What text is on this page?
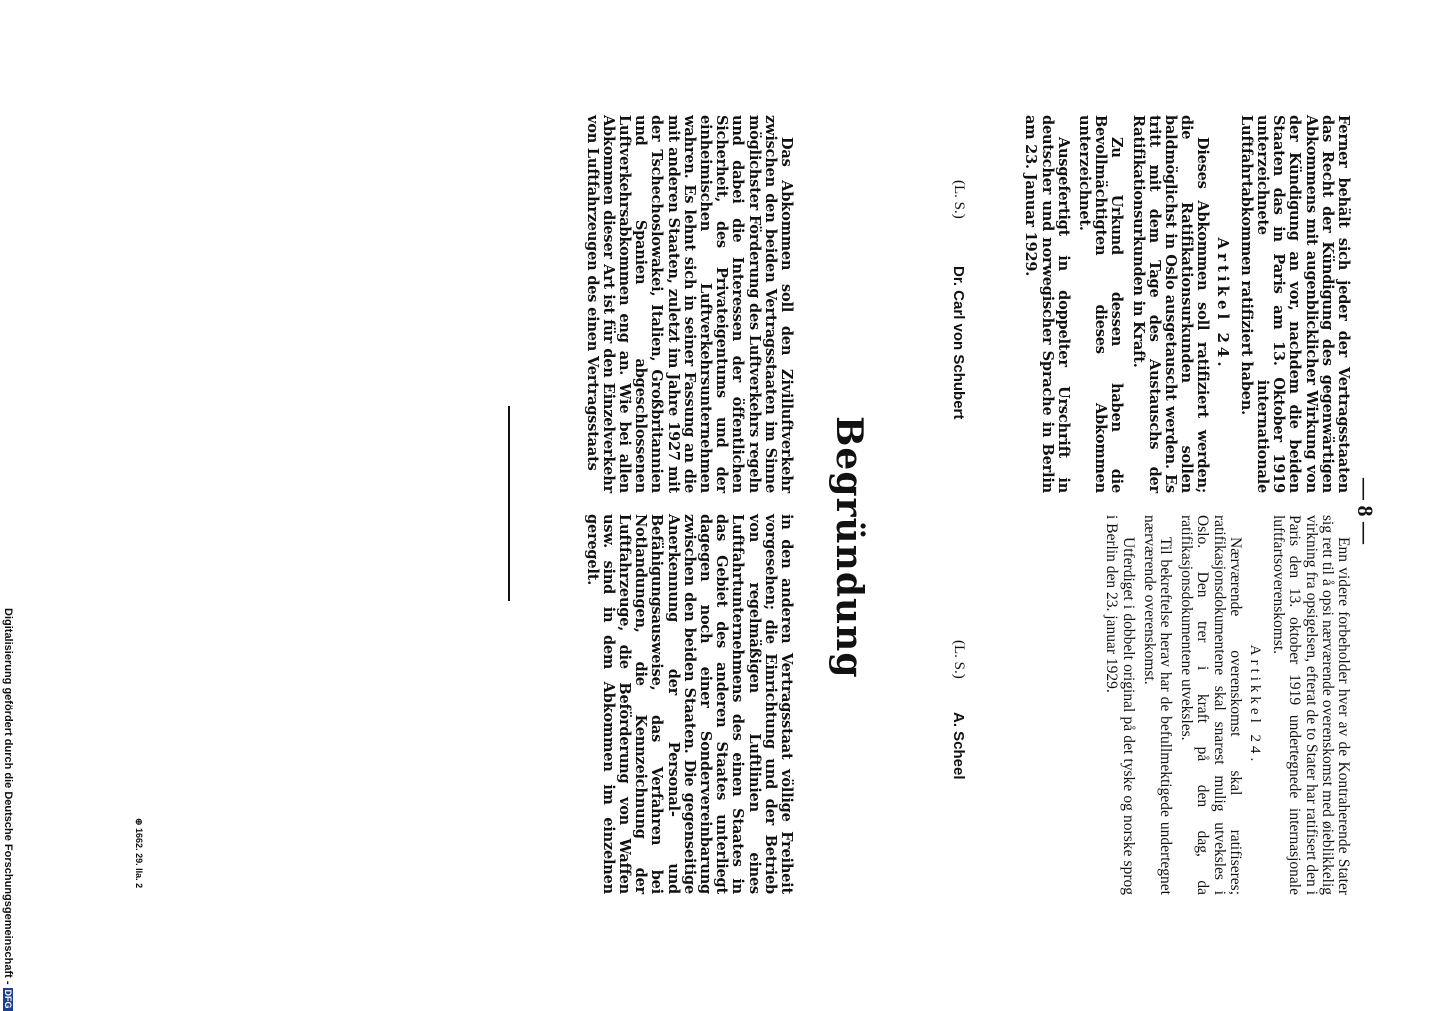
— 8 —

Ferner behält sich jeder der Vertragsstaaten das Recht der Kündigung des gegenwärtigen Abkommens mit augenblicklicher Wirkung von der Kündigung an vor, nachdem die beiden Staaten das in Paris am 13. Oktober 1919 unterzeichnete internationale Luftfahrtabkommen ratifiziert haben.

Artikel 24.

Dieses Abkommen soll ratifiziert werden; die Ratifikationsurkunden sollen baldmöglichst in Oslo ausgetauscht werden. Es tritt mit dem Tage des Austauschs der Ratifikationsurkunden in Kraft.

Zu Urkund dessen haben die Bevollmächtigten dieses Abkommen unterzeichnet.

Ausgefertigt in doppelter Urschrift in deutscher und norwegischer Sprache in Berlin am 23. Januar 1929.

Enn videre forbeholder hver av de Kontraherende Stater sig rett til å opsi nærværende overenskomst med øieblikkelig virkning fra opsigelsen, efterat de to Stater har ratifisert den i Paris den 13. oktober 1919 undertegnede internasjonale luftfartsoverenskomst.

Artikkel 24.

Nærværende overenskomst skal ratifiseres; ratifikasjonsdokumentene skal snarest mulig utveksles i Oslo. Den trer i kraft på den dag, da ratifikasjonsdokumentene utveksles.

Til bekreftelse herav har de befullmektigede undertegnet nærværende overenskomst.

Utferdiget i dobbelt original på det tyske og norske sprog i Berlin den 23. januar 1929.

(L. S.)
Dr. Carl von Schubert
(L. S.)
A. Scheel
Begründung

Das Abkommen soll den Zivilluftverkehr zwischen den beiden Vertragsstaaten im Sinne möglichster Förderung des Luftverkehrs regeln und dabei die Interessen der öffentlichen Sicherheit, des Privateigentums und der einheimischen Luftverkehrsunternehmen wahren. Es lehnt sich in seiner Fassung an die mit anderen Staaten, zuletzt im Jahre 1927 mit der Tschechoslowakei, Italien, Großbritannien und Spanien abgeschlossenen Luftverkehrsabkommen eng an. Wie bei allen Abkommen dieser Art ist für den Einzelverkehr von Luftfahrzeugen des einen Vertragsstaats

in den anderen Vertragsstaat völlige Freiheit vorgesehen; die Einrichtung und der Betrieb von regelmäßigen Luftlinien eines Luftfahrtunternehmens des einen Staates in das Gebiet des anderen Staates unterliegt dagegen noch einer Sondervereinbarung zwischen den beiden Staaten. Die gegenseitige Anerkennung der Personal- und Befähigungsausweise, das Verfahren bei Notlandungen, die Kennzeichnung der Luftfahrzeuge, die Beförderung von Waffen usw. sind in dem Abkommen im einzelnen geregelt.

⊕ 1662. 29. IIa. 2
Digitalisierung gefördert durch die Deutsche Forschungsgemeinschaft -DFG
